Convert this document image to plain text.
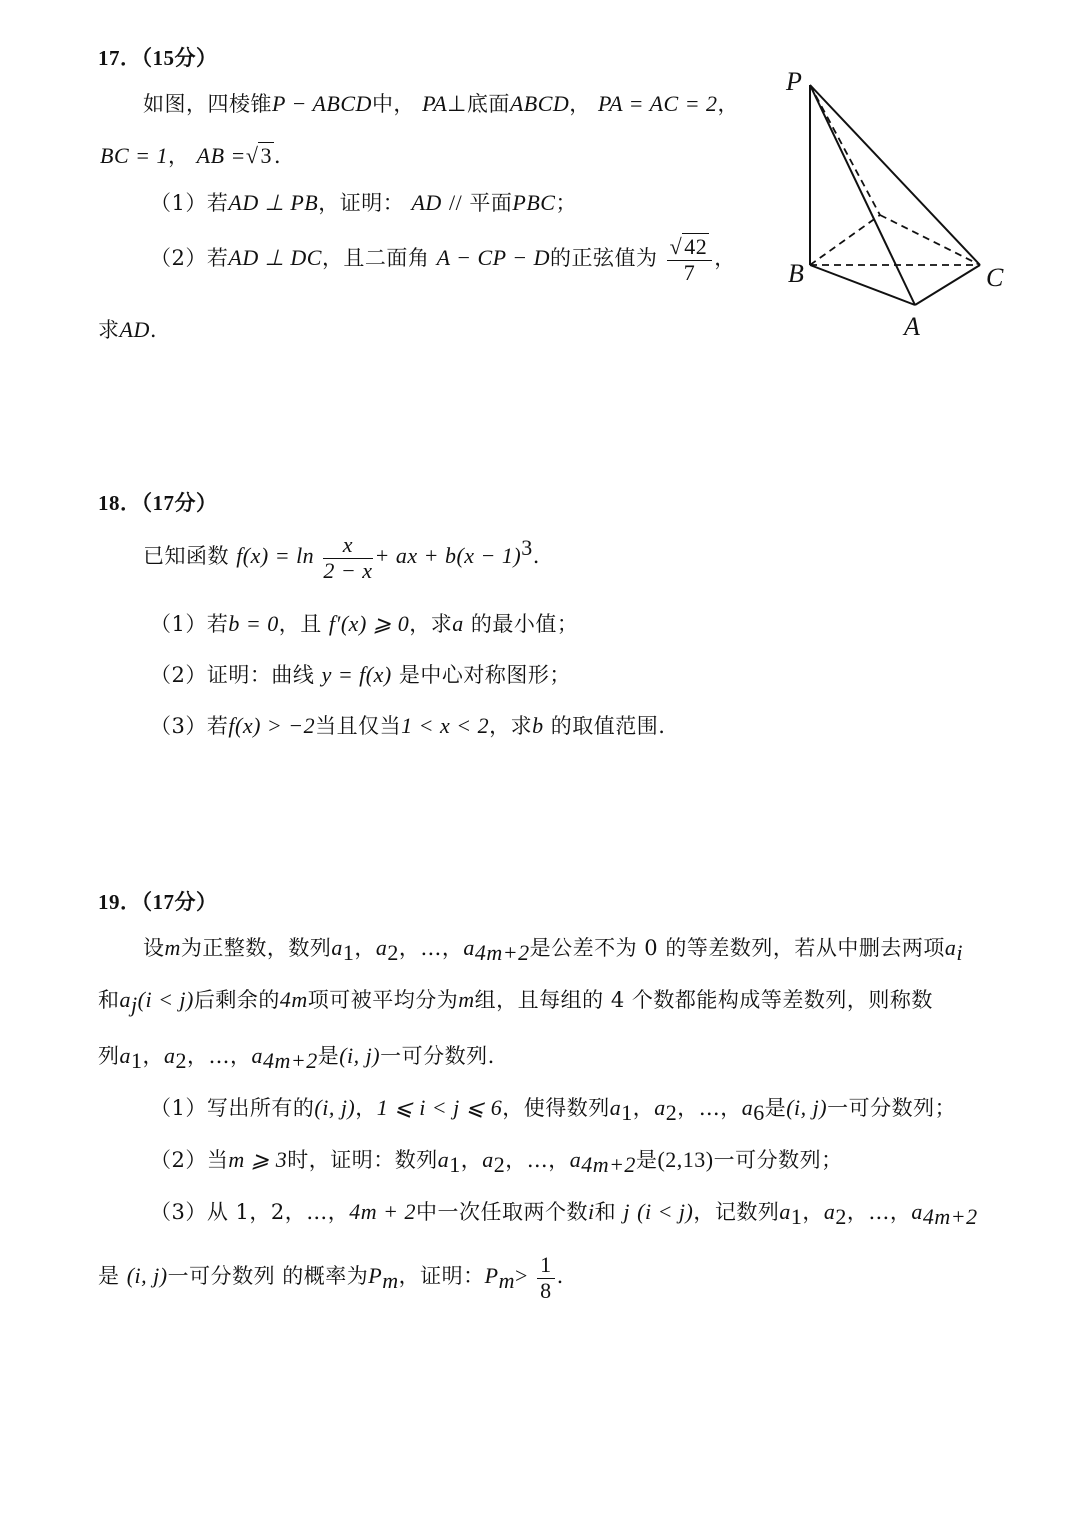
17．（15分）
如图，四棱锥P − ABCD中， PA⊥底面ABCD， PA = AC = 2，
BC = 1， AB =√3．
（1）若AD ⊥ PB，证明： AD // 平面PBC；
（2）若AD ⊥ DC，且二面角 A − CP − D的正弦值为 $\frac{√42}{7}$ ，
求AD.
P
B	C
A
18．（17分）
已知函数 $f(x) = \ln \frac{x}{2 - x}$ + ax + $b(x - 1)^3$.
（1）若b = 0，且 f′(x) ⩾ 0，求a 的最小值；
（2）证明：曲线 y = f(x) 是中心对称图形；
（3）若f(x) > −2当且仅当1 < x < 2，求b 的取值范围.
19．（17分）
设m为正整数，数列$a_1$，$a_2$，…，$a_{4m+2}$是公差不为 0 的等差数列，若从中删去两项$a_i$
和$a_j(i < j)$后剩余的4m项可被平均分为m组，且每组的 4 个数都能构成等差数列，则称数
列$a_1$，$a_2$，…，$a_{4m+2}$是(i, j)一可分数列.
（1）写出所有的(i, j)，1 ⩽ i < j ⩽ 6，使得数列$a_1$，$a_2$，…，$a_6$是(i, j)一可分数列；
（2）当m ⩾ 3时，证明：数列$a_1$，$a_2$，…，$a_{4m+2}$是(2,13)一可分数列；
（3）从 1，2，…，4m + 2中一次任取两个数i和 j (i < j)，记数列$a_1$，$a_2$，…，$a_{4m+2}$
是 (i, j)一可分数列 的概率为$P_m$，证明：$P_m> \frac{1}{8}$ .
